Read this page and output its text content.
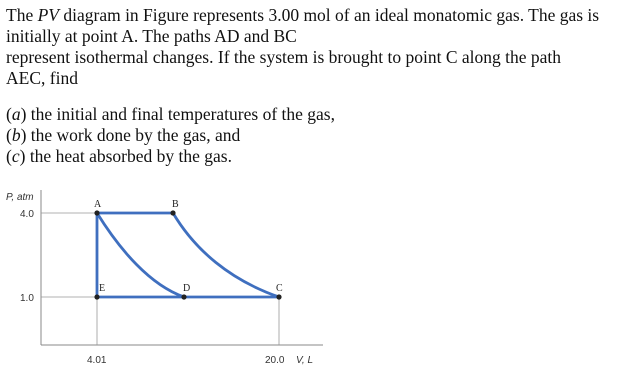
The PV diagram in Figure represents 3.00 mol of an ideal monatomic gas. The gas is

initially at point A. The paths AD and BC

represent isothermal changes. If the system is brought to point C along the path

AEC, find

(a) the initial and final temperatures of the gas,

(b) the work done by the gas, and

(c) the heat absorbed by the gas.

A	B
E	D	C
P, atm
4.0
1.0
4.01	20.0 V, L
